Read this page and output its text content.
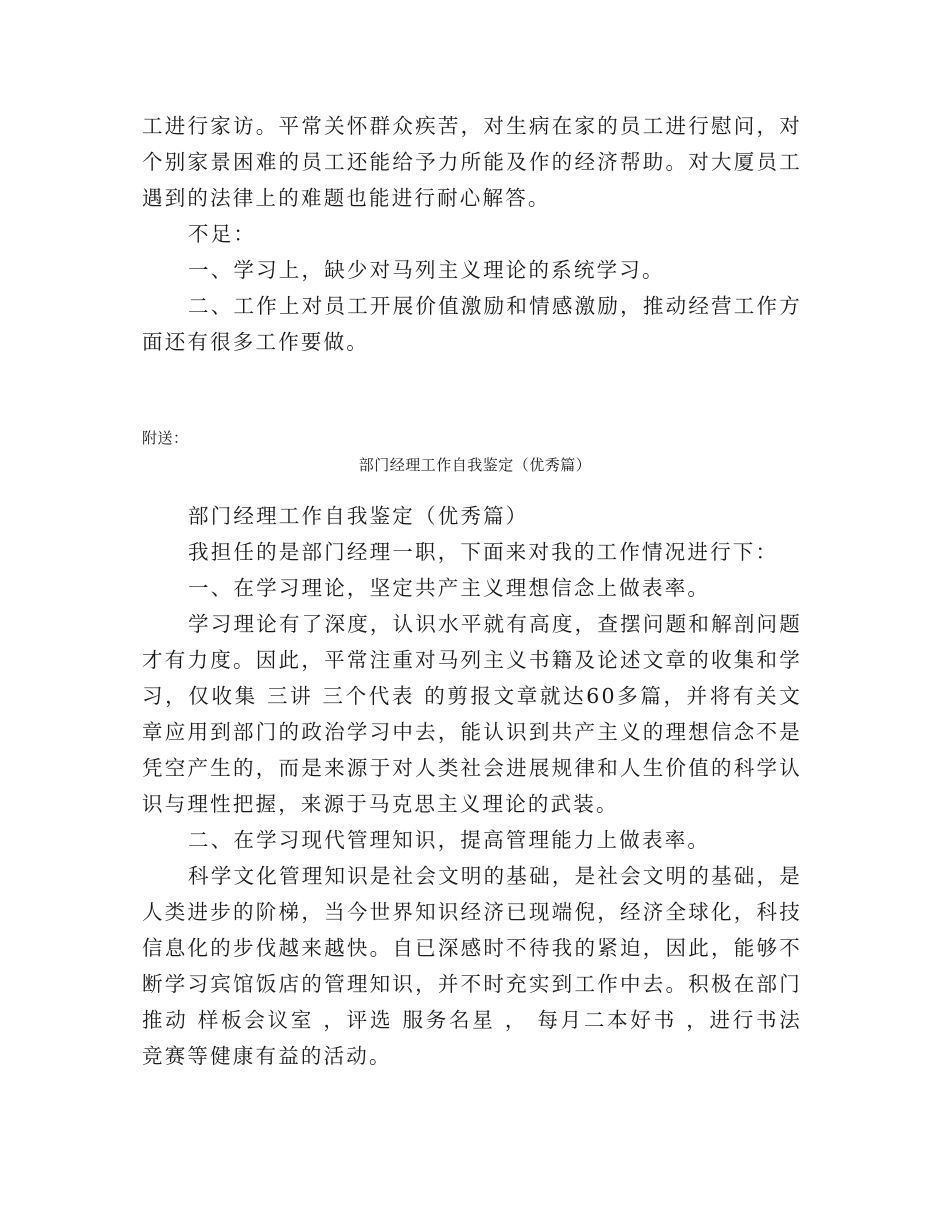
工进行家访。平常关怀群众疾苦，对生病在家的员工进行慰问，对个别家景困难的员工还能给予力所能及作的经济帮助。对大厦员工遇到的法律上的难题也能进行耐心解答。

不足：

一、学习上，缺少对马列主义理论的系统学习。

二、工作上对员工开展价值激励和情感激励，推动经营工作方面还有很多工作要做。

附送：

部门经理工作自我鉴定（优秀篇）

部门经理工作自我鉴定（优秀篇）

我担任的是部门经理一职，下面来对我的工作情况进行下：

一、在学习理论，坚定共产主义理想信念上做表率。

学习理论有了深度，认识水平就有高度，查摆问题和解剖问题才有力度。因此，平常注重对马列主义书籍及论述文章的收集和学习，仅收集 三讲 三个代表 的剪报文章就达60多篇，并将有关文章应用到部门的政治学习中去，能认识到共产主义的理想信念不是凭空产生的，而是来源于对人类社会进展规律和人生价值的科学认识与理性把握，来源于马克思主义理论的武装。

二、在学习现代管理知识，提高管理能力上做表率。

科学文化管理知识是社会文明的基础，是社会文明的基础，是人类进步的阶梯，当今世界知识经济已现端倪，经济全球化，科技信息化的步伐越来越快。自已深感时不待我的紧迫，因此，能够不断学习宾馆饭店的管理知识，并不时充实到工作中去。积极在部门推动 样板会议室 ，评选 服务名星 ， 每月二本好书 ，进行书法竞赛等健康有益的活动。
